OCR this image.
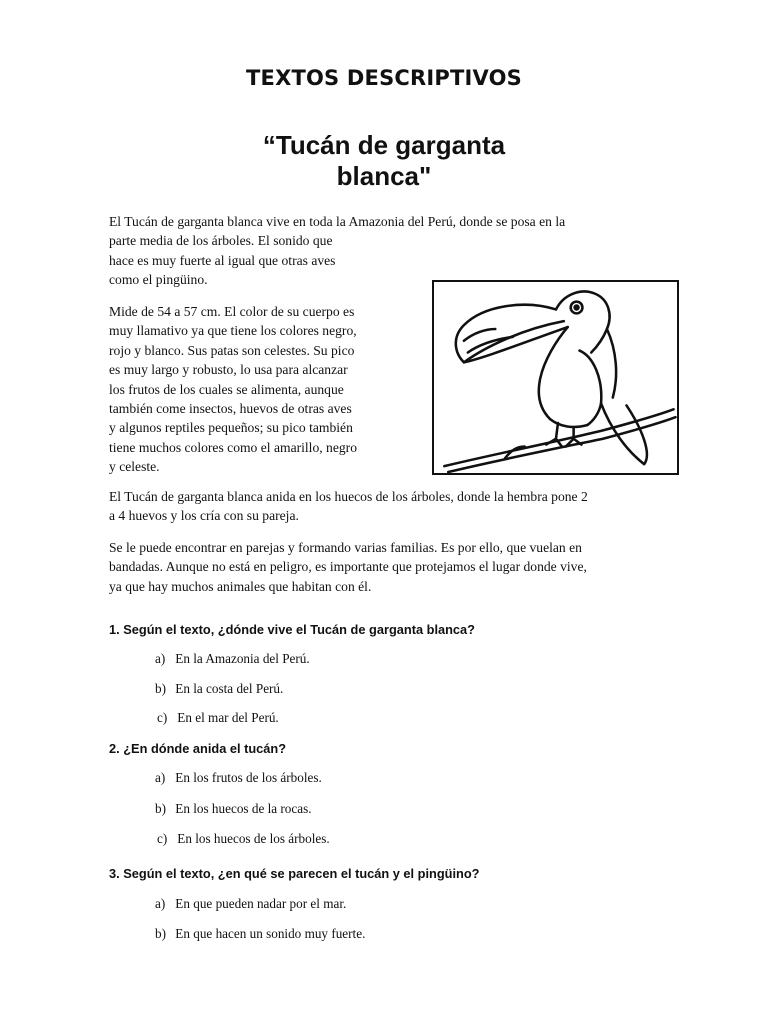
TEXTOS DESCRIPTIVOS
“Tucán de garganta
blanca"
El Tucán de garganta blanca vive en toda la Amazonia del Perú, donde se posa en la
parte media de los árboles. El sonido que
hace es muy fuerte al igual que otras aves
como el pingüino.
Mide de 54 a 57 cm. El color de su cuerpo es
muy llamativo ya que tiene los colores negro,
rojo y blanco. Sus patas son celestes. Su pico
es muy largo y robusto, lo usa para alcanzar
los frutos de los cuales se alimenta, aunque
también come insectos, huevos de otras aves
y algunos reptiles pequeños; su pico también
tiene muchos colores como el amarillo, negro
y celeste.
El Tucán de garganta blanca anida en los huecos de los árboles, donde la hembra pone 2
a 4 huevos y los cría con su pareja.
Se le puede encontrar en parejas y formando varias familias. Es por ello, que vuelan en
bandadas. Aunque no está en peligro, es importante que protejamos el lugar donde vive,
ya que hay muchos animales que habitan con él.
1. Según el texto, ¿dónde vive el Tucán de garganta blanca?
a) En la Amazonia del Perú.
b) En la costa del Perú.
c) En el mar del Perú.
2. ¿En dónde anida el tucán?
a) En los frutos de los árboles.
b) En los huecos de la rocas.
c) En los huecos de los árboles.
3. Según el texto, ¿en qué se parecen el tucán y el pingüino?
a) En que pueden nadar por el mar.
b) En que hacen un sonido muy fuerte.
